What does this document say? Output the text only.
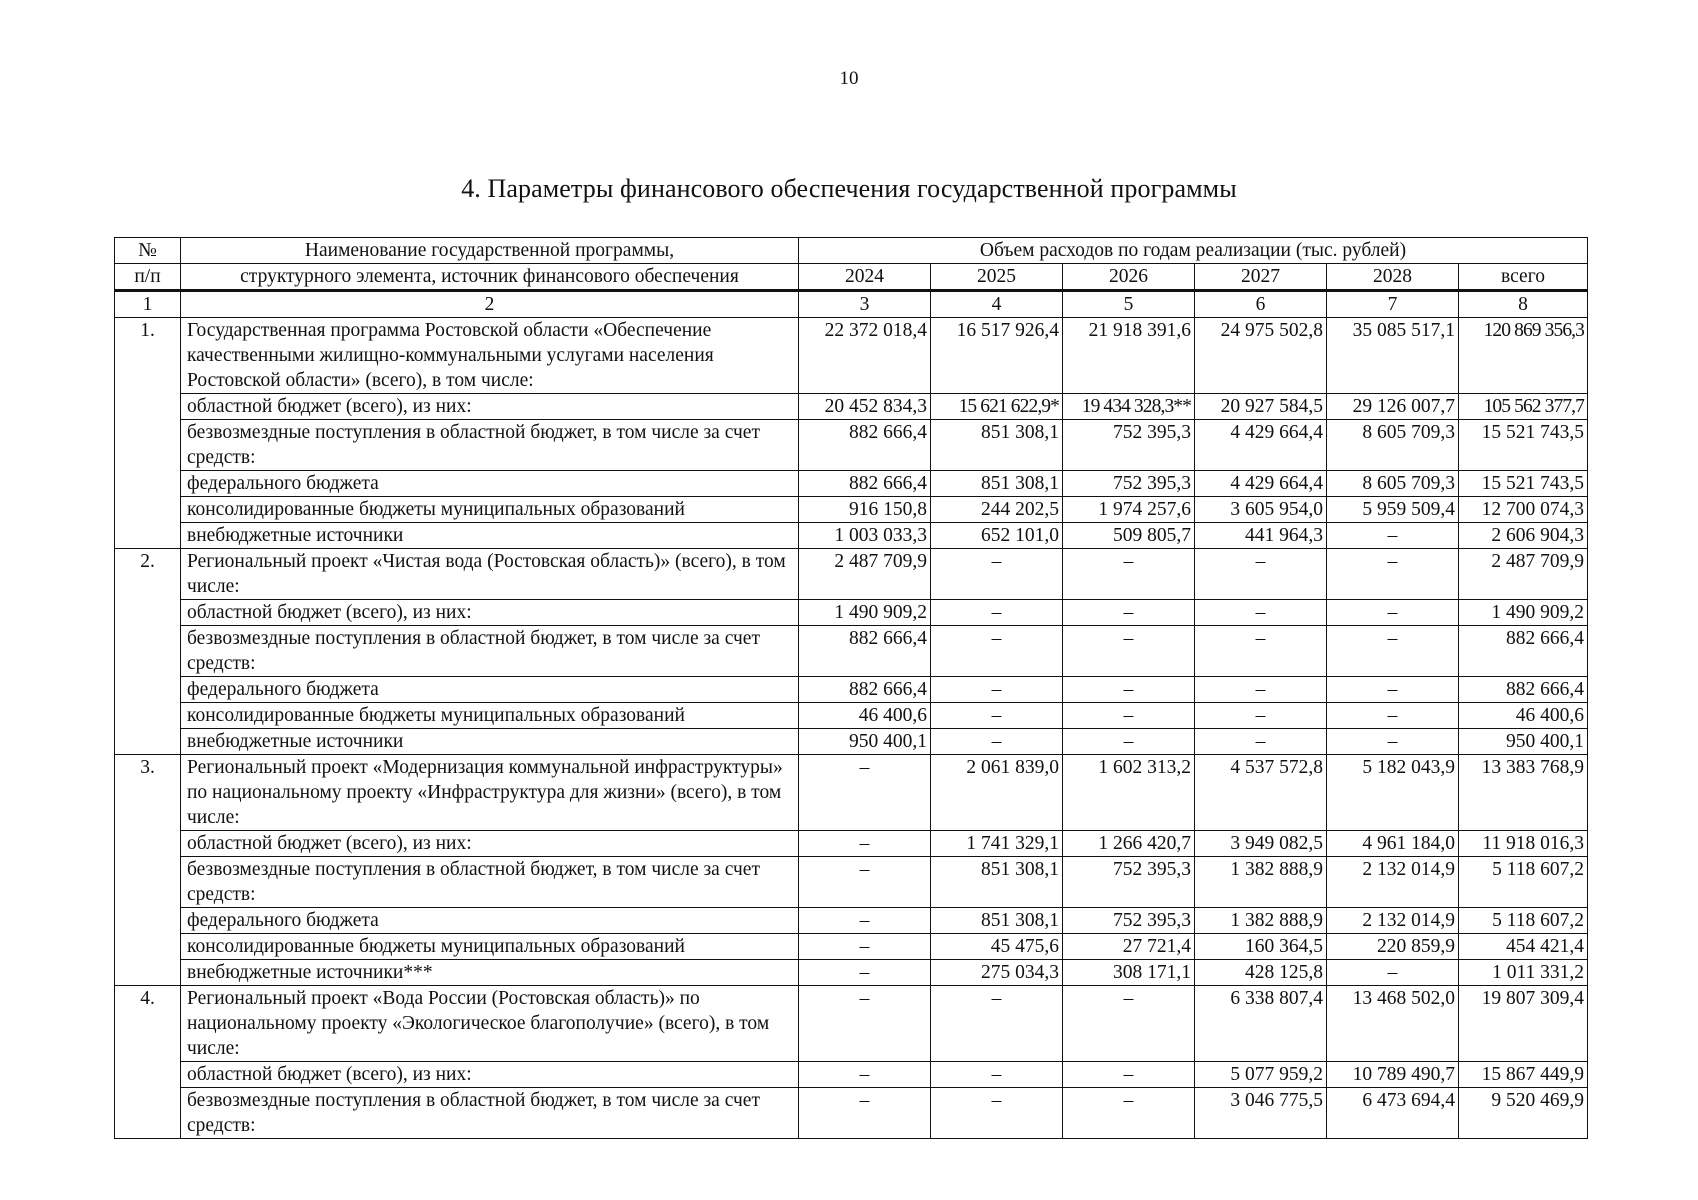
10
4. Параметры финансового обеспечения государственной программы
№	Наименование государственной программы,	Объем расходов по годам реализации (тыс. рублей)					
п/п	структурного элемента, источник финансового обеспечения	2024	2025	2026	2027	2028	всего
1	2	3	4	5	6	7	8
1.	Государственная программа Ростовской области «Обеспечение качественными жилищно-коммунальными услугами населения Ростовской области» (всего), в том числе:	22 372 018,4	16 517 926,4	21 918 391,6	24 975 502,8	35 085 517,1	120 869 356,3
	областной бюджет (всего), из них:	20 452 834,3	15 621 622,9*	19 434 328,3**	20 927 584,5	29 126 007,7	105 562 377,7
	безвозмездные поступления в областной бюджет, в том числе за счет средств:	882 666,4	851 308,1	752 395,3	4 429 664,4	8 605 709,3	15 521 743,5
	федерального бюджета	882 666,4	851 308,1	752 395,3	4 429 664,4	8 605 709,3	15 521 743,5
	консолидированные бюджеты муниципальных образований	916 150,8	244 202,5	1 974 257,6	3 605 954,0	5 959 509,4	12 700 074,3
	внебюджетные источники	1 003 033,3	652 101,0	509 805,7	441 964,3	–	2 606 904,3
2.	Региональный проект «Чистая вода (Ростовская область)» (всего), в том числе:	2 487 709,9	–	–	–	–	2 487 709,9
	областной бюджет (всего), из них:	1 490 909,2	–	–	–	–	1 490 909,2
	безвозмездные поступления в областной бюджет, в том числе за счет средств:	882 666,4	–	–	–	–	882 666,4
	федерального бюджета	882 666,4	–	–	–	–	882 666,4
	консолидированные бюджеты муниципальных образований	46 400,6	–	–	–	–	46 400,6
	внебюджетные источники	950 400,1	–	–	–	–	950 400,1
3.	Региональный проект «Модернизация коммунальной инфраструктуры» по национальному проекту «Инфраструктура для жизни» (всего), в том числе:	–	2 061 839,0	1 602 313,2	4 537 572,8	5 182 043,9	13 383 768,9
	областной бюджет (всего), из них:	–	1 741 329,1	1 266 420,7	3 949 082,5	4 961 184,0	11 918 016,3
	безвозмездные поступления в областной бюджет, в том числе за счет средств:	–	851 308,1	752 395,3	1 382 888,9	2 132 014,9	5 118 607,2
	федерального бюджета	–	851 308,1	752 395,3	1 382 888,9	2 132 014,9	5 118 607,2
	консолидированные бюджеты муниципальных образований	–	45 475,6	27 721,4	160 364,5	220 859,9	454 421,4
	внебюджетные источники***	–	275 034,3	308 171,1	428 125,8	–	1 011 331,2
4.	Региональный проект «Вода России (Ростовская область)» по национальному проекту «Экологическое благополучие» (всего), в том числе:	–	–	–	6 338 807,4	13 468 502,0	19 807 309,4
	областной бюджет (всего), из них:	–	–	–	5 077 959,2	10 789 490,7	15 867 449,9
	безвозмездные поступления в областной бюджет, в том числе за счет средств:	–	–	–	3 046 775,5	6 473 694,4	9 520 469,9
